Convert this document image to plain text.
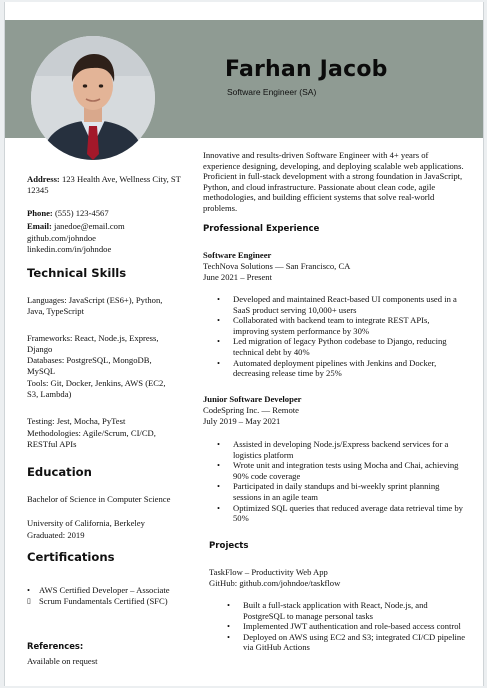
Farhan Jacob
Software Engineer (SA)
Address: 123 Health Ave, Wellness City, ST 12345
Phone: (555) 123-4567
Email: janedoe@email.com
github.com/johndoe
linkedin.com/in/johndoe
Technical Skills
Languages: JavaScript (ES6+), Python, Java, TypeScript
Frameworks: React, Node.js, Express, Django
Databases: PostgreSQL, MongoDB, MySQL
Tools: Git, Docker, Jenkins, AWS (EC2, S3, Lambda)
Testing: Jest, Mocha, PyTest
Methodologies: Agile/Scrum, CI/CD, RESTful APIs
Education
Bachelor of Science in Computer Science
University of California, Berkeley
Graduated: 2019
Certifications
• AWS Certified Developer – Associate
▯ Scrum Fundamentals Certified (SFC)
References:
Available on request
Innovative and results-driven Software Engineer with 4+ years of experience designing, developing, and deploying scalable web applications. Proficient in full-stack development with a strong foundation in JavaScript, Python, and cloud infrastructure. Passionate about clean code, agile methodologies, and building efficient systems that solve real-world problems.
Professional Experience
Software Engineer
TechNova Solutions — San Francisco, CA
June 2021 – Present
• Developed and maintained React-based UI components used in a SaaS product serving 10,000+ users
• Collaborated with backend team to integrate REST APIs, improving system performance by 30%
• Led migration of legacy Python codebase to Django, reducing technical debt by 40%
• Automated deployment pipelines with Jenkins and Docker, decreasing release time by 25%
Junior Software Developer
CodeSpring Inc. — Remote
July 2019 – May 2021
• Assisted in developing Node.js/Express backend services for a logistics platform
• Wrote unit and integration tests using Mocha and Chai, achieving 90% code coverage
• Participated in daily standups and bi-weekly sprint planning sessions in an agile team
• Optimized SQL queries that reduced average data retrieval time by 50%
Projects
TaskFlow – Productivity Web App
GitHub: github.com/johndoe/taskflow
• Built a full-stack application with React, Node.js, and PostgreSQL to manage personal tasks
• Implemented JWT authentication and role-based access control
• Deployed on AWS using EC2 and S3; integrated CI/CD pipeline via GitHub Actions
